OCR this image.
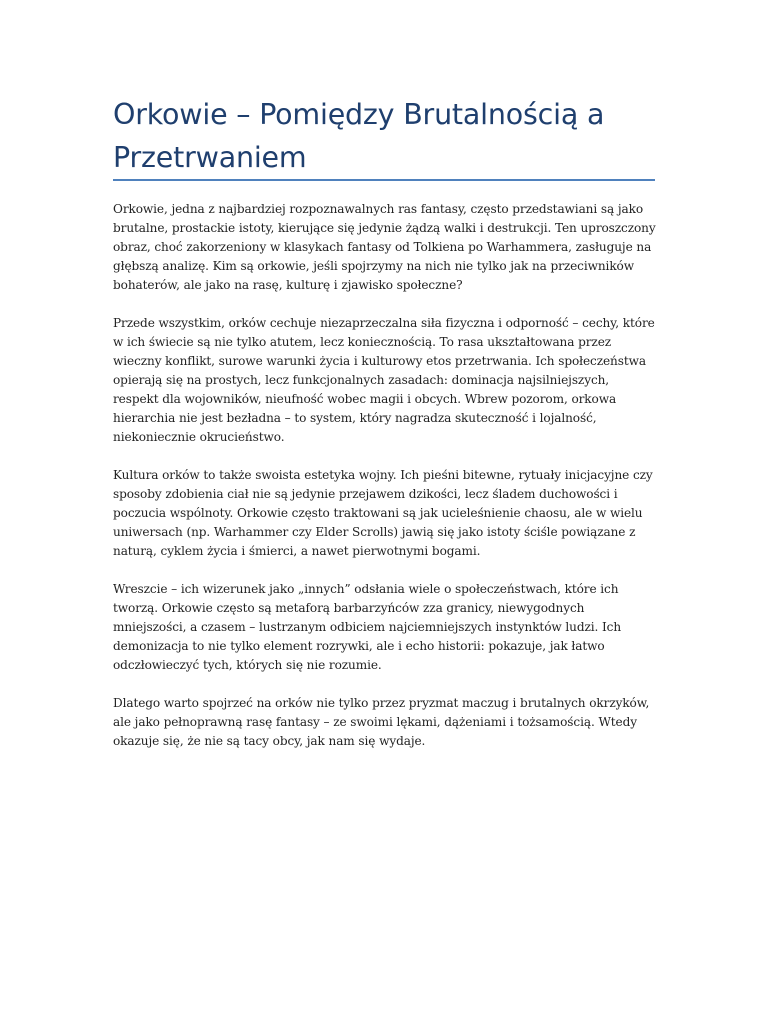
Orkowie – Pomiędzy Brutalnością a Przetrwaniem

Orkowie, jedna z najbardziej rozpoznawalnych ras fantasy, często przedstawiani są jako brutalne, prostackie istoty, kierujące się jedynie żądzą walki i destrukcji. Ten uproszczony obraz, choć zakorzeniony w klasykach fantasy od Tolkiena po Warhammera, zasługuje na głębszą analizę. Kim są orkowie, jeśli spojrzymy na nich nie tylko jak na przeciwników bohaterów, ale jako na rasę, kulturę i zjawisko społeczne?

Przede wszystkim, orków cechuje niezaprzeczalna siła fizyczna i odporność – cechy, które w ich świecie są nie tylko atutem, lecz koniecznością. To rasa ukształtowana przez wieczny konflikt, surowe warunki życia i kulturowy etos przetrwania. Ich społeczeństwa opierają się na prostych, lecz funkcjonalnych zasadach: dominacja najsilniejszych, respekt dla wojowników, nieufność wobec magii i obcych. Wbrew pozorom, orkowa hierarchia nie jest bezładna – to system, który nagradza skuteczność i lojalność, niekoniecznie okrucieństwo.

Kultura orków to także swoista estetyka wojny. Ich pieśni bitewne, rytuały inicjacyjne czy sposoby zdobienia ciał nie są jedynie przejawem dzikości, lecz śladem duchowości i poczucia wspólnoty. Orkowie często traktowani są jak ucieleśnienie chaosu, ale w wielu uniwersach (np. Warhammer czy Elder Scrolls) jawią się jako istoty ściśle powiązane z naturą, cyklem życia i śmierci, a nawet pierwotnymi bogami.

Wreszcie – ich wizerunek jako „innych” odsłania wiele o społeczeństwach, które ich tworzą. Orkowie często są metaforą barbarzyńców zza granicy, niewygodnych mniejszości, a czasem – lustrzanym odbiciem najciemniejszych instynktów ludzi. Ich demonizacja to nie tylko element rozrywki, ale i echo historii: pokazuje, jak łatwo odczłowieczyć tych, których się nie rozumie.

Dlatego warto spojrzeć na orków nie tylko przez pryzmat maczug i brutalnych okrzyków, ale jako pełnoprawną rasę fantasy – ze swoimi lękami, dążeniami i tożsamością. Wtedy okazuje się, że nie są tacy obcy, jak nam się wydaje.
